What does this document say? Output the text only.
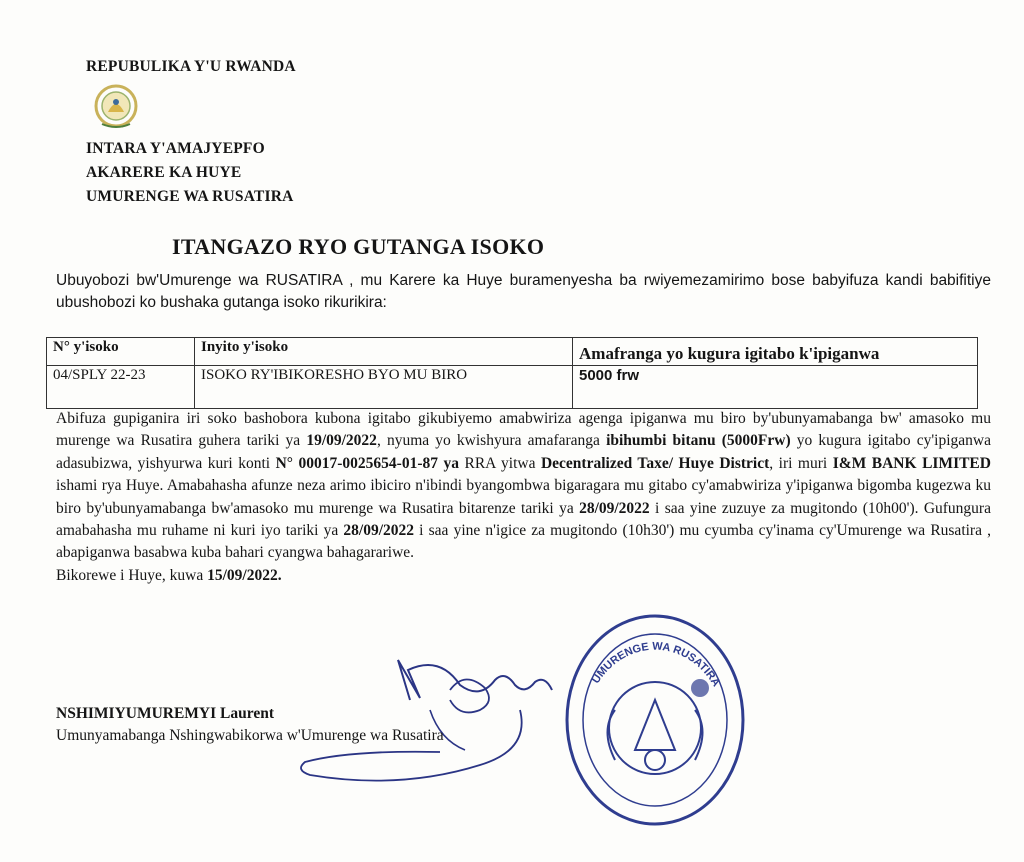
REPUBULIKA Y'U RWANDA
INTARA Y'AMAJYEPFO
AKARERE KA HUYE
UMURENGE WA RUSATIRA
ITANGAZO RYO GUTANGA ISOKO
Ubuyobozi bw'Umurenge wa RUSATIRA , mu Karere ka Huye buramenyesha ba rwiyemezamirimo bose babyifuza kandi babifitiye ubushobozi ko bushaka gutanga isoko rikurikira:
N° y'isoko	Inyito y'isoko	Amafranga yo kugura igitabo k'ipiganwa
04/SPLY 22-23	ISOKO RY'IBIKORESHO BYO MU BIRO	5000 frw
Abifuza gupiganira iri soko bashobora kubona igitabo gikubiyemo amabwiriza agenga ipiganwa mu biro by'ubunyamabanga bw' amasoko mu murenge wa Rusatira guhera tariki ya 19/09/2022, nyuma yo kwishyura amafaranga ibihumbi bitanu (5000Frw) yo kugura igitabo cy'ipiganwa adasubizwa, yishyurwa kuri konti N° 00017-0025654-01-87 ya RRA yitwa Decentralized Taxe/ Huye District, iri muri I&M BANK LIMITED ishami rya Huye. Amabahasha afunze neza arimo ibiciro n'ibindi byangombwa bigaragara mu gitabo cy'amabwiriza y'ipiganwa bigomba kugezwa ku biro by'ubunyamabanga bw'amasoko mu murenge wa Rusatira bitarenze tariki ya 28/09/2022 i saa yine zuzuye za mugitondo (10h00'). Gufungura amabahasha mu ruhame ni kuri iyo tariki ya 28/09/2022 i saa yine n'igice za mugitondo (10h30') mu cyumba cy'inama cy'Umurenge wa Rusatira , abapiganwa basabwa kuba bahari cyangwa bahagarariwe.
Bikorewe i Huye, kuwa 15/09/2022.
NSHIMIYUMUREMYI Laurent
Umunyamabanga Nshingwabikorwa w'Umurenge wa Rusatira
UMURENGE WA RUSATIRA
